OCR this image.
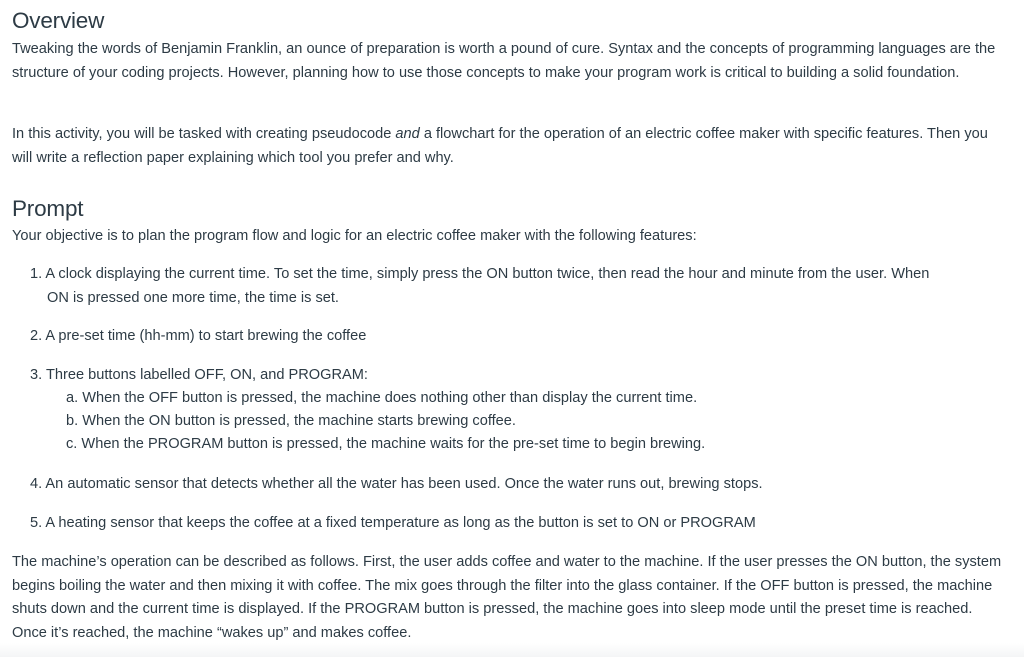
Overview

Tweaking the words of Benjamin Franklin, an ounce of preparation is worth a pound of cure. Syntax and the concepts of programming languages are the structure of your coding projects. However, planning how to use those concepts to make your program work is critical to building a solid foundation.

In this activity, you will be tasked with creating pseudocode and a flowchart for the operation of an electric coffee maker with specific features. Then you will write a reflection paper explaining which tool you prefer and why.

Prompt

Your objective is to plan the program flow and logic for an electric coffee maker with the following features:

1. A clock displaying the current time. To set the time, simply press the ON button twice, then read the hour and minute from the user. When
ON is pressed one more time, the time is set.
2. A pre-set time (hh-mm) to start brewing the coffee
3. Three buttons labelled OFF, ON, and PROGRAM:
a. When the OFF button is pressed, the machine does nothing other than display the current time.
b. When the ON button is pressed, the machine starts brewing coffee.
c. When the PROGRAM button is pressed, the machine waits for the pre-set time to begin brewing.
4. An automatic sensor that detects whether all the water has been used. Once the water runs out, brewing stops.
5. A heating sensor that keeps the coffee at a fixed temperature as long as the button is set to ON or PROGRAM

The machine’s operation can be described as follows. First, the user adds coffee and water to the machine. If the user presses the ON button, the system begins boiling the water and then mixing it with coffee. The mix goes through the filter into the glass container. If the OFF button is pressed, the machine shuts down and the current time is displayed. If the PROGRAM button is pressed, the machine goes into sleep mode until the preset time is reached. Once it’s reached, the machine “wakes up” and makes coffee.
